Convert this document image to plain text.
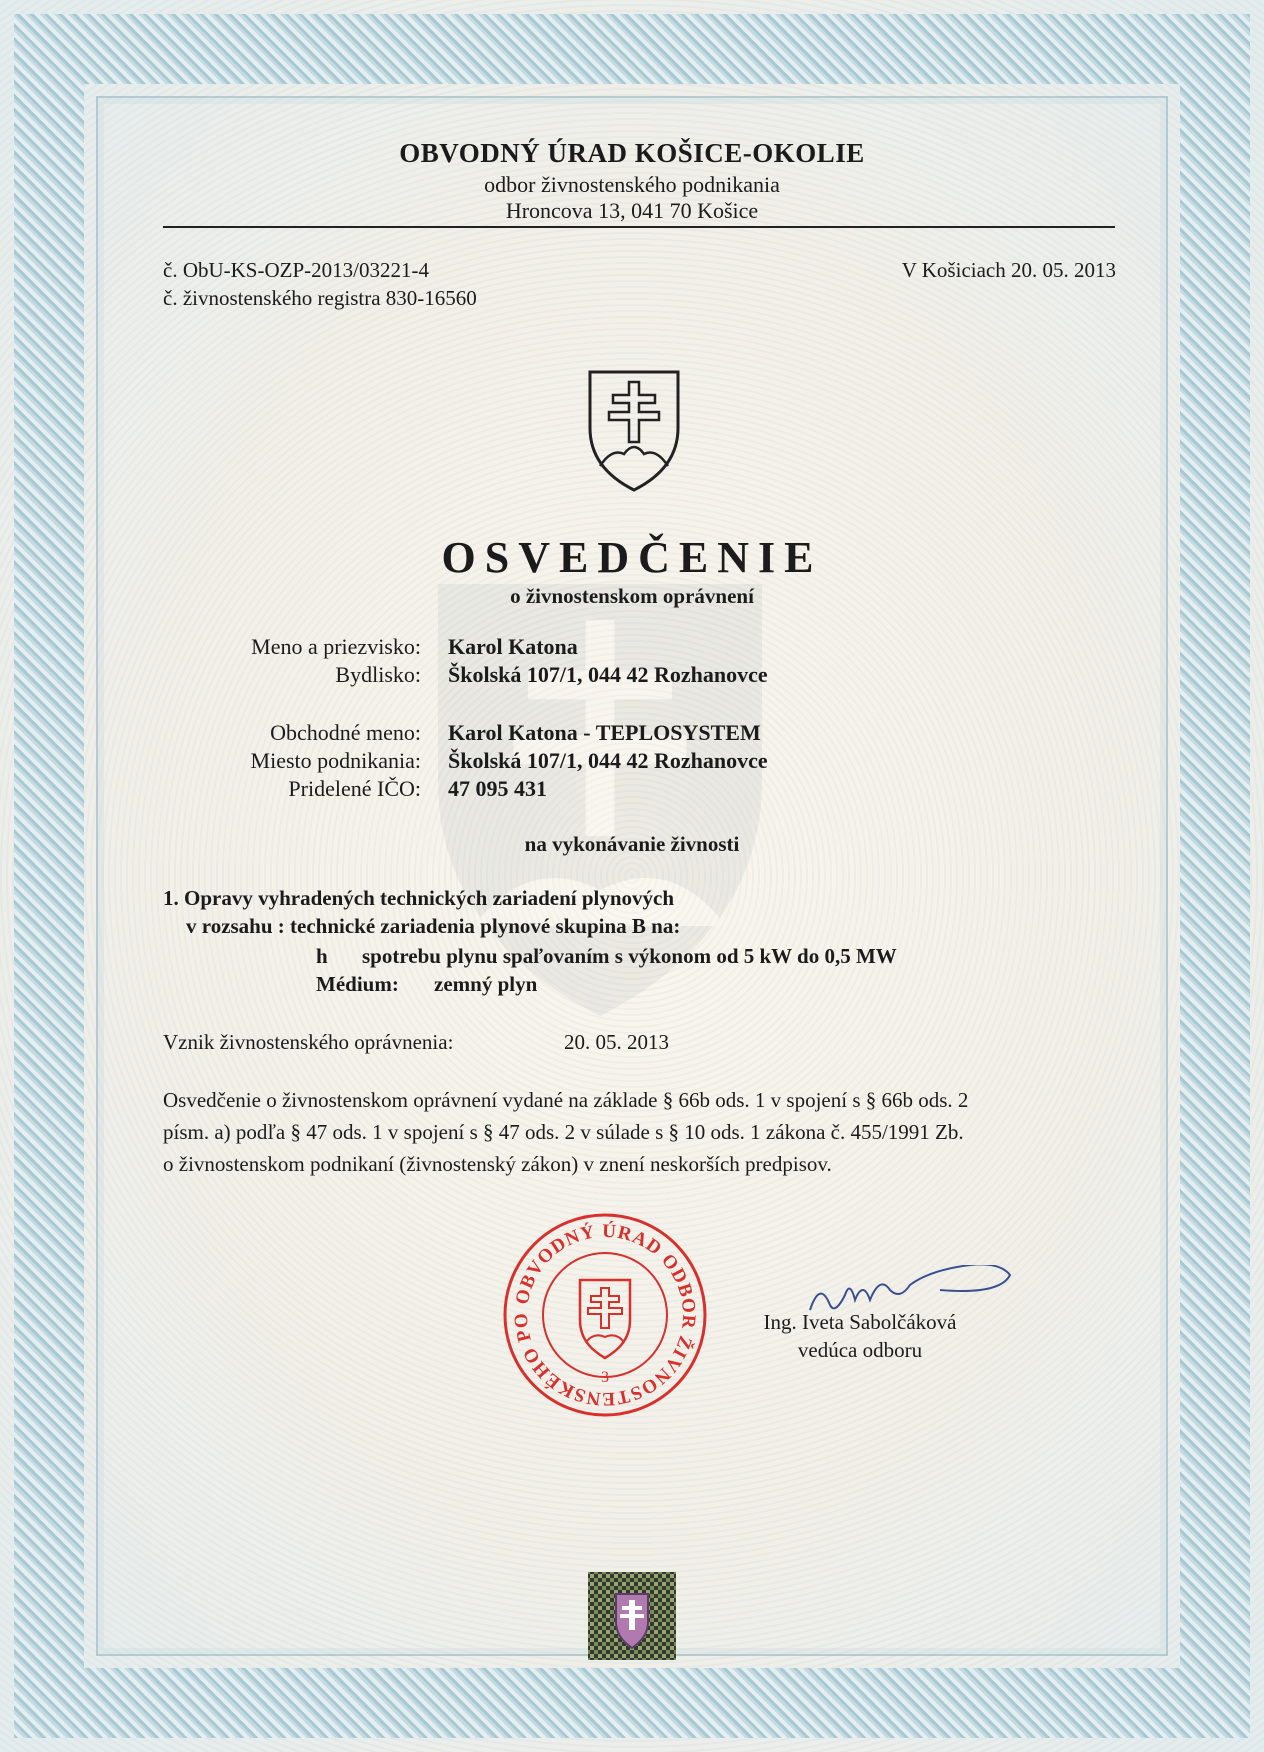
OBVODNÝ ÚRAD KOŠICE-OKOLIE
odbor živnostenského podnikania
Hroncova 13, 041 70 Košice
č. ObU-KS-OZP-2013/03221-4
č. živnostenského registra 830-16560
V Košiciach 20. 05. 2013
OSVEDČENIE
o živnostenskom oprávnení
Meno a priezvisko: Karol Katona
Bydlisko: Školská 107/1, 044 42 Rozhanovce
Obchodné meno: Karol Katona - TEPLOSYSTEM
Miesto podnikania: Školská 107/1, 044 42 Rozhanovce
Pridelené IČO: 47 095 431
na vykonávanie živnosti
1. Opravy vyhradených technických zariadení plynových
v rozsahu : technické zariadenia plynové skupina B na:
h spotrebu plynu spaľovaním s výkonom od 5 kW do 0,5 MW
Médium: zemný plyn
Vznik živnostenského oprávnenia:	20. 05. 2013
Osvedčenie o živnostenskom oprávnení vydané na základe § 66b ods. 1 v spojení s § 66b ods. 2
písm. a) podľa § 47 ods. 1 v spojení s § 47 ods. 2 v súlade s § 10 ods. 1 zákona č. 455/1991 Zb.
o živnostenskom podnikaní (živnostenský zákon) v znení neskorších predpisov.
OBVODNÝ ÚRAD ODBOR ŽIVNOSTENSKÉHO PO
3
Ing. Iveta Sabolčáková
vedúca odboru
